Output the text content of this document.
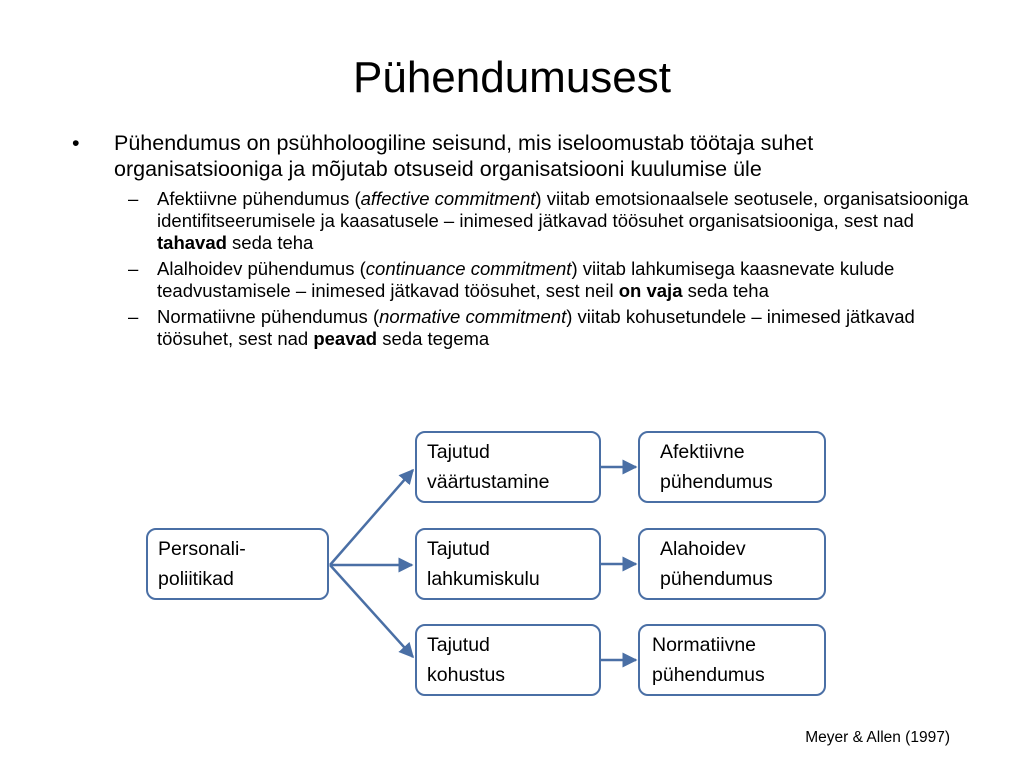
Pühendumusest
• Pühendumus on psühholoogiline seisund, mis iseloomustab töötaja suhet organisatsiooniga ja mõjutab otsuseid organisatsiooni kuulumise üle
– Afektiivne pühendumus (affective commitment) viitab emotsionaalsele seotusele, organisatsiooniga identifitseerumisele ja kaasatusele – inimesed jätkavad töösuhet organisatsiooniga, sest nad tahavad seda teha
– Alalhoidev pühendumus (continuance commitment) viitab lahkumisega kaasnevate kulude teadvustamisele – inimesed jätkavad töösuhet, sest neil on vaja seda teha
– Normatiivne pühendumus (normative commitment) viitab kohusetundele – inimesed jätkavad töösuhet, sest nad peavad seda tegema
Personali-
poliitikad
Tajutud
väärtustamine
Tajutud
lahkumiskulu
Tajutud
kohustus
Afektiivne
pühendumus
Alahoidev
pühendumus
Normatiivne
pühendumus
Meyer & Allen (1997)
